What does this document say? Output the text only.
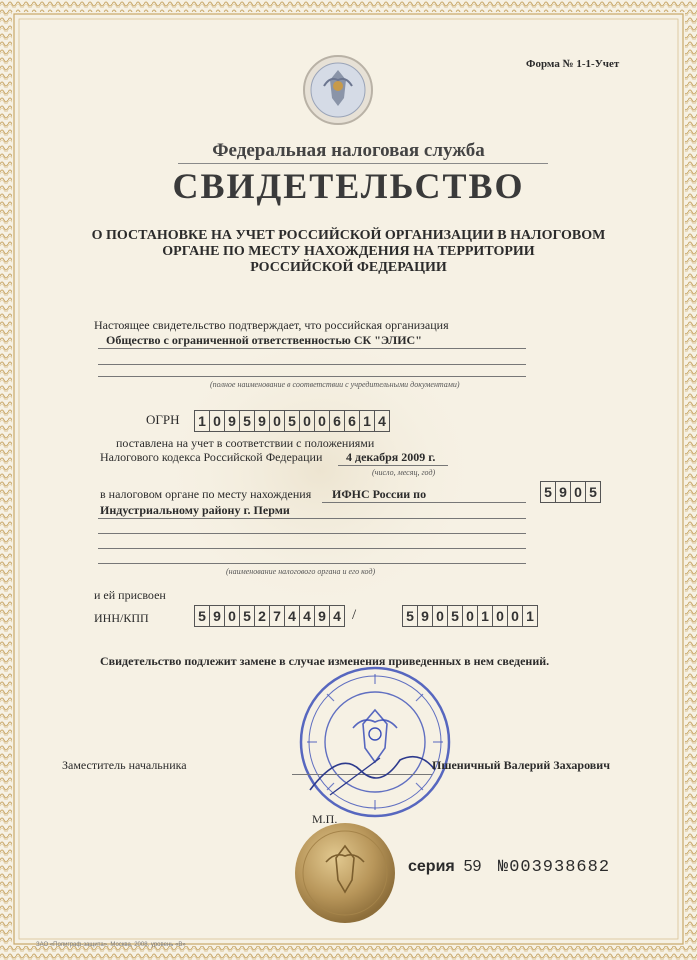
Форма № 1-1-Учет
Федеральная налоговая служба
СВИДЕТЕЛЬСТВО
О ПОСТАНОВКЕ НА УЧЕТ РОССИЙСКОЙ ОРГАНИЗАЦИИ В НАЛОГОВОМ
ОРГАНЕ ПО МЕСТУ НАХОЖДЕНИЯ НА ТЕРРИТОРИИ
РОССИЙСКОЙ ФЕДЕРАЦИИ
Настоящее свидетельство подтверждает, что российская организация
Общество с ограниченной ответственностью СК "ЭЛИС"
(полное наименование в соответствии с учредительными документами)
ОГРН 1 0 9 5 9 0 5 0 0 6 6 1 4
поставлена на учет в соответствии с положениями
Налогового кодекса Российской Федерации 4 декабря 2009 г.
(число, месяц, год)
в налоговом органе по месту нахождения ИФНС России по	5 9 0 5
Индустриальному району г. Перми
(наименование налогового органа и его код)
и ей присвоен
ИНН/КПП	5 9 0 5 2 7 4 4 9 4 /	5 9 0 5 0 1 0 0 1
Свидетельство подлежит замене в случае изменения приведенных в нем сведений.
Заместитель начальника	Пшеничный Валерий Захарович
М.П.
серия 59 №003938682
ЗАО «Полиграф-защита», Москва, 2008, уровень «В»
